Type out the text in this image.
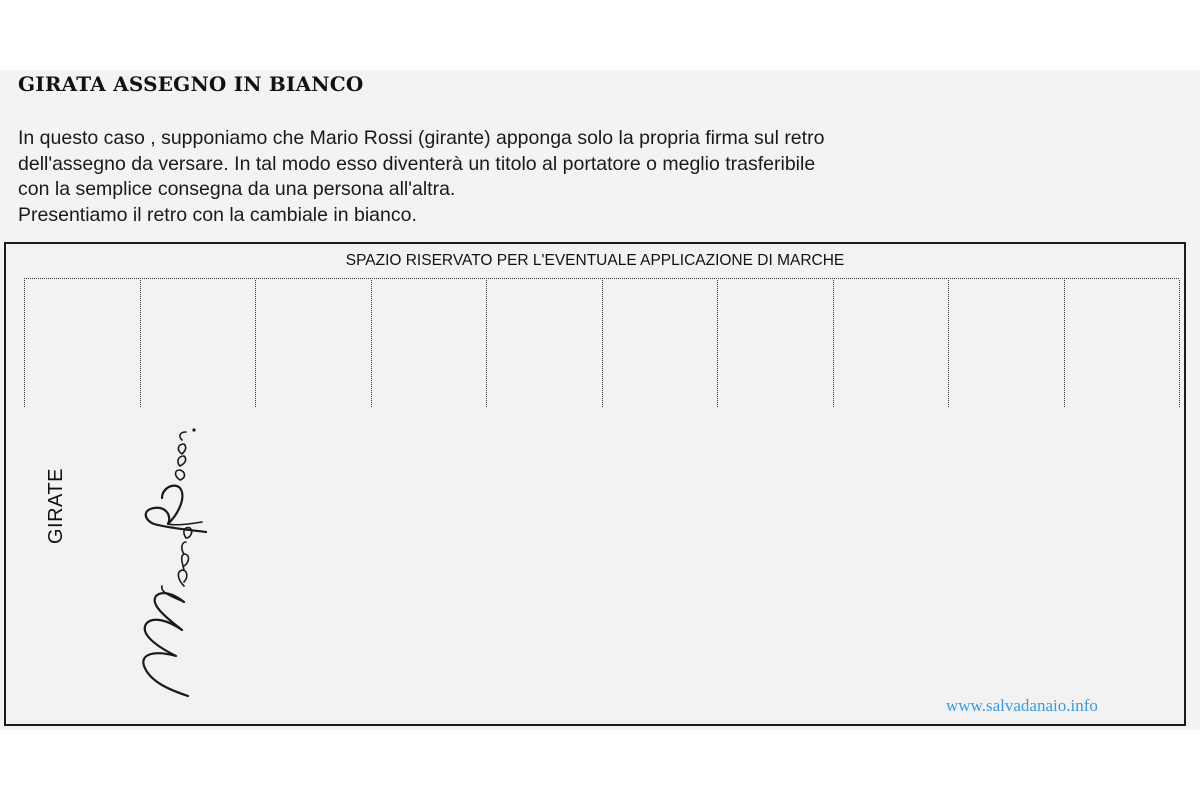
GIRATA ASSEGNO IN BIANCO
In questo caso , supponiamo che Mario Rossi (girante) apponga solo la propria firma sul retro
dell'assegno da versare. In tal modo esso diventerà un titolo al portatore o meglio trasferibile
con la semplice consegna da una persona all'altra.
Presentiamo il retro con la cambiale in bianco.
SPAZIO RISERVATO PER L'EVENTUALE APPLICAZIONE DI MARCHE
GIRATE
www.salvadanaio.info
